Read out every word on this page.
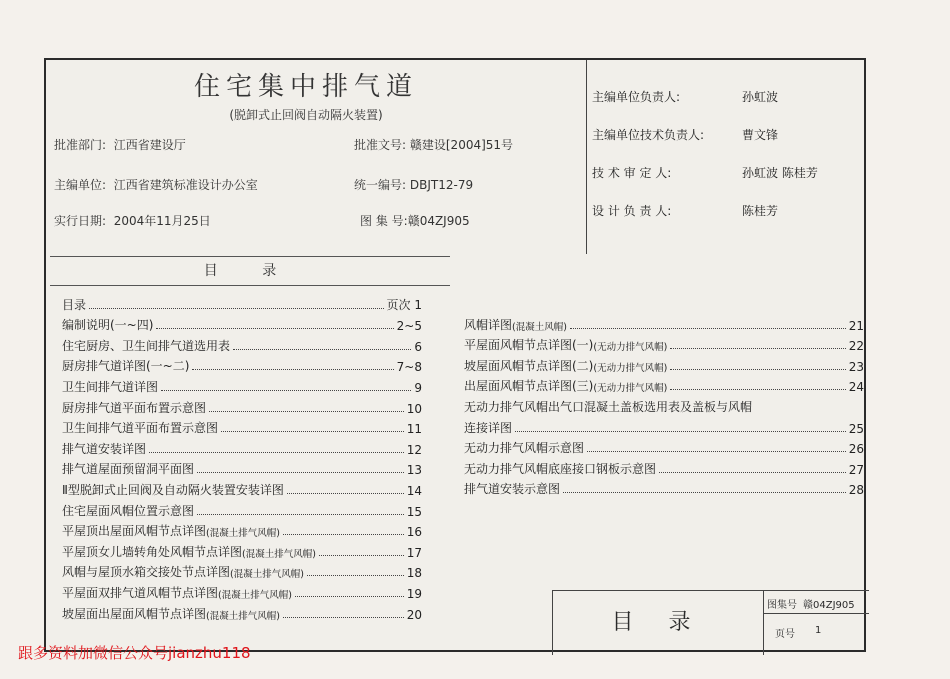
住宅集中排气道
(脱卸式止回阀自动隔火装置)
批准部门: 江西省建设厅	批准文号: 赣建设[2004]51号
主编单位: 江西省建筑标准设计办公室	统一编号: DBJT12-79
实行日期: 2004年11月25日	图 集 号:赣04ZJ905
主编单位负责人:	孙虹波
主编单位技术负责人:	曹文锋
技 术 审 定 人:	孙虹波 陈桂芳
设 计 负 责 人:	陈桂芳
目 录
目录	页次 1
编制说明(一~四)	2~5
住宅厨房、卫生间排气道选用表	6
厨房排气道详图(一~二)	7~8
卫生间排气道详图	9
厨房排气道平面布置示意图	10
卫生间排气道平面布置示意图	11
排气道安装详图	12
排气道屋面预留洞平面图	13
Ⅱ型脱卸式止回阀及自动隔火装置安装详图	14
住宅屋面风帽位置示意图	15
平屋顶出屋面风帽节点详图 (混凝土排气风帽)	16
平屋顶女儿墙转角处风帽节点详图 (混凝土排气风帽)	17
风帽与屋顶水箱交接处节点详图 (混凝土排气风帽)	18
平屋面双排气道风帽节点详图 (混凝土排气风帽)	19
坡屋面出屋面风帽节点详图 (混凝土排气风帽)	20
风帽详图 (混凝土风帽)	21
平屋面风帽节点详图(一) (无动力排气风帽)	22
坡屋面风帽节点详图(二) (无动力排气风帽)	23
出屋面风帽节点详图(三) (无动力排气风帽)	24
无动力排气风帽出气口混凝土盖板选用表及盖板与风帽
连接详图	25
无动力排气风帽示意图	26
无动力排气风帽底座接口钢板示意图	27
排气道安装示意图	28
目 录
图集号 赣04ZJ905
页号 1
跟多资料加微信公众号jianzhu118
